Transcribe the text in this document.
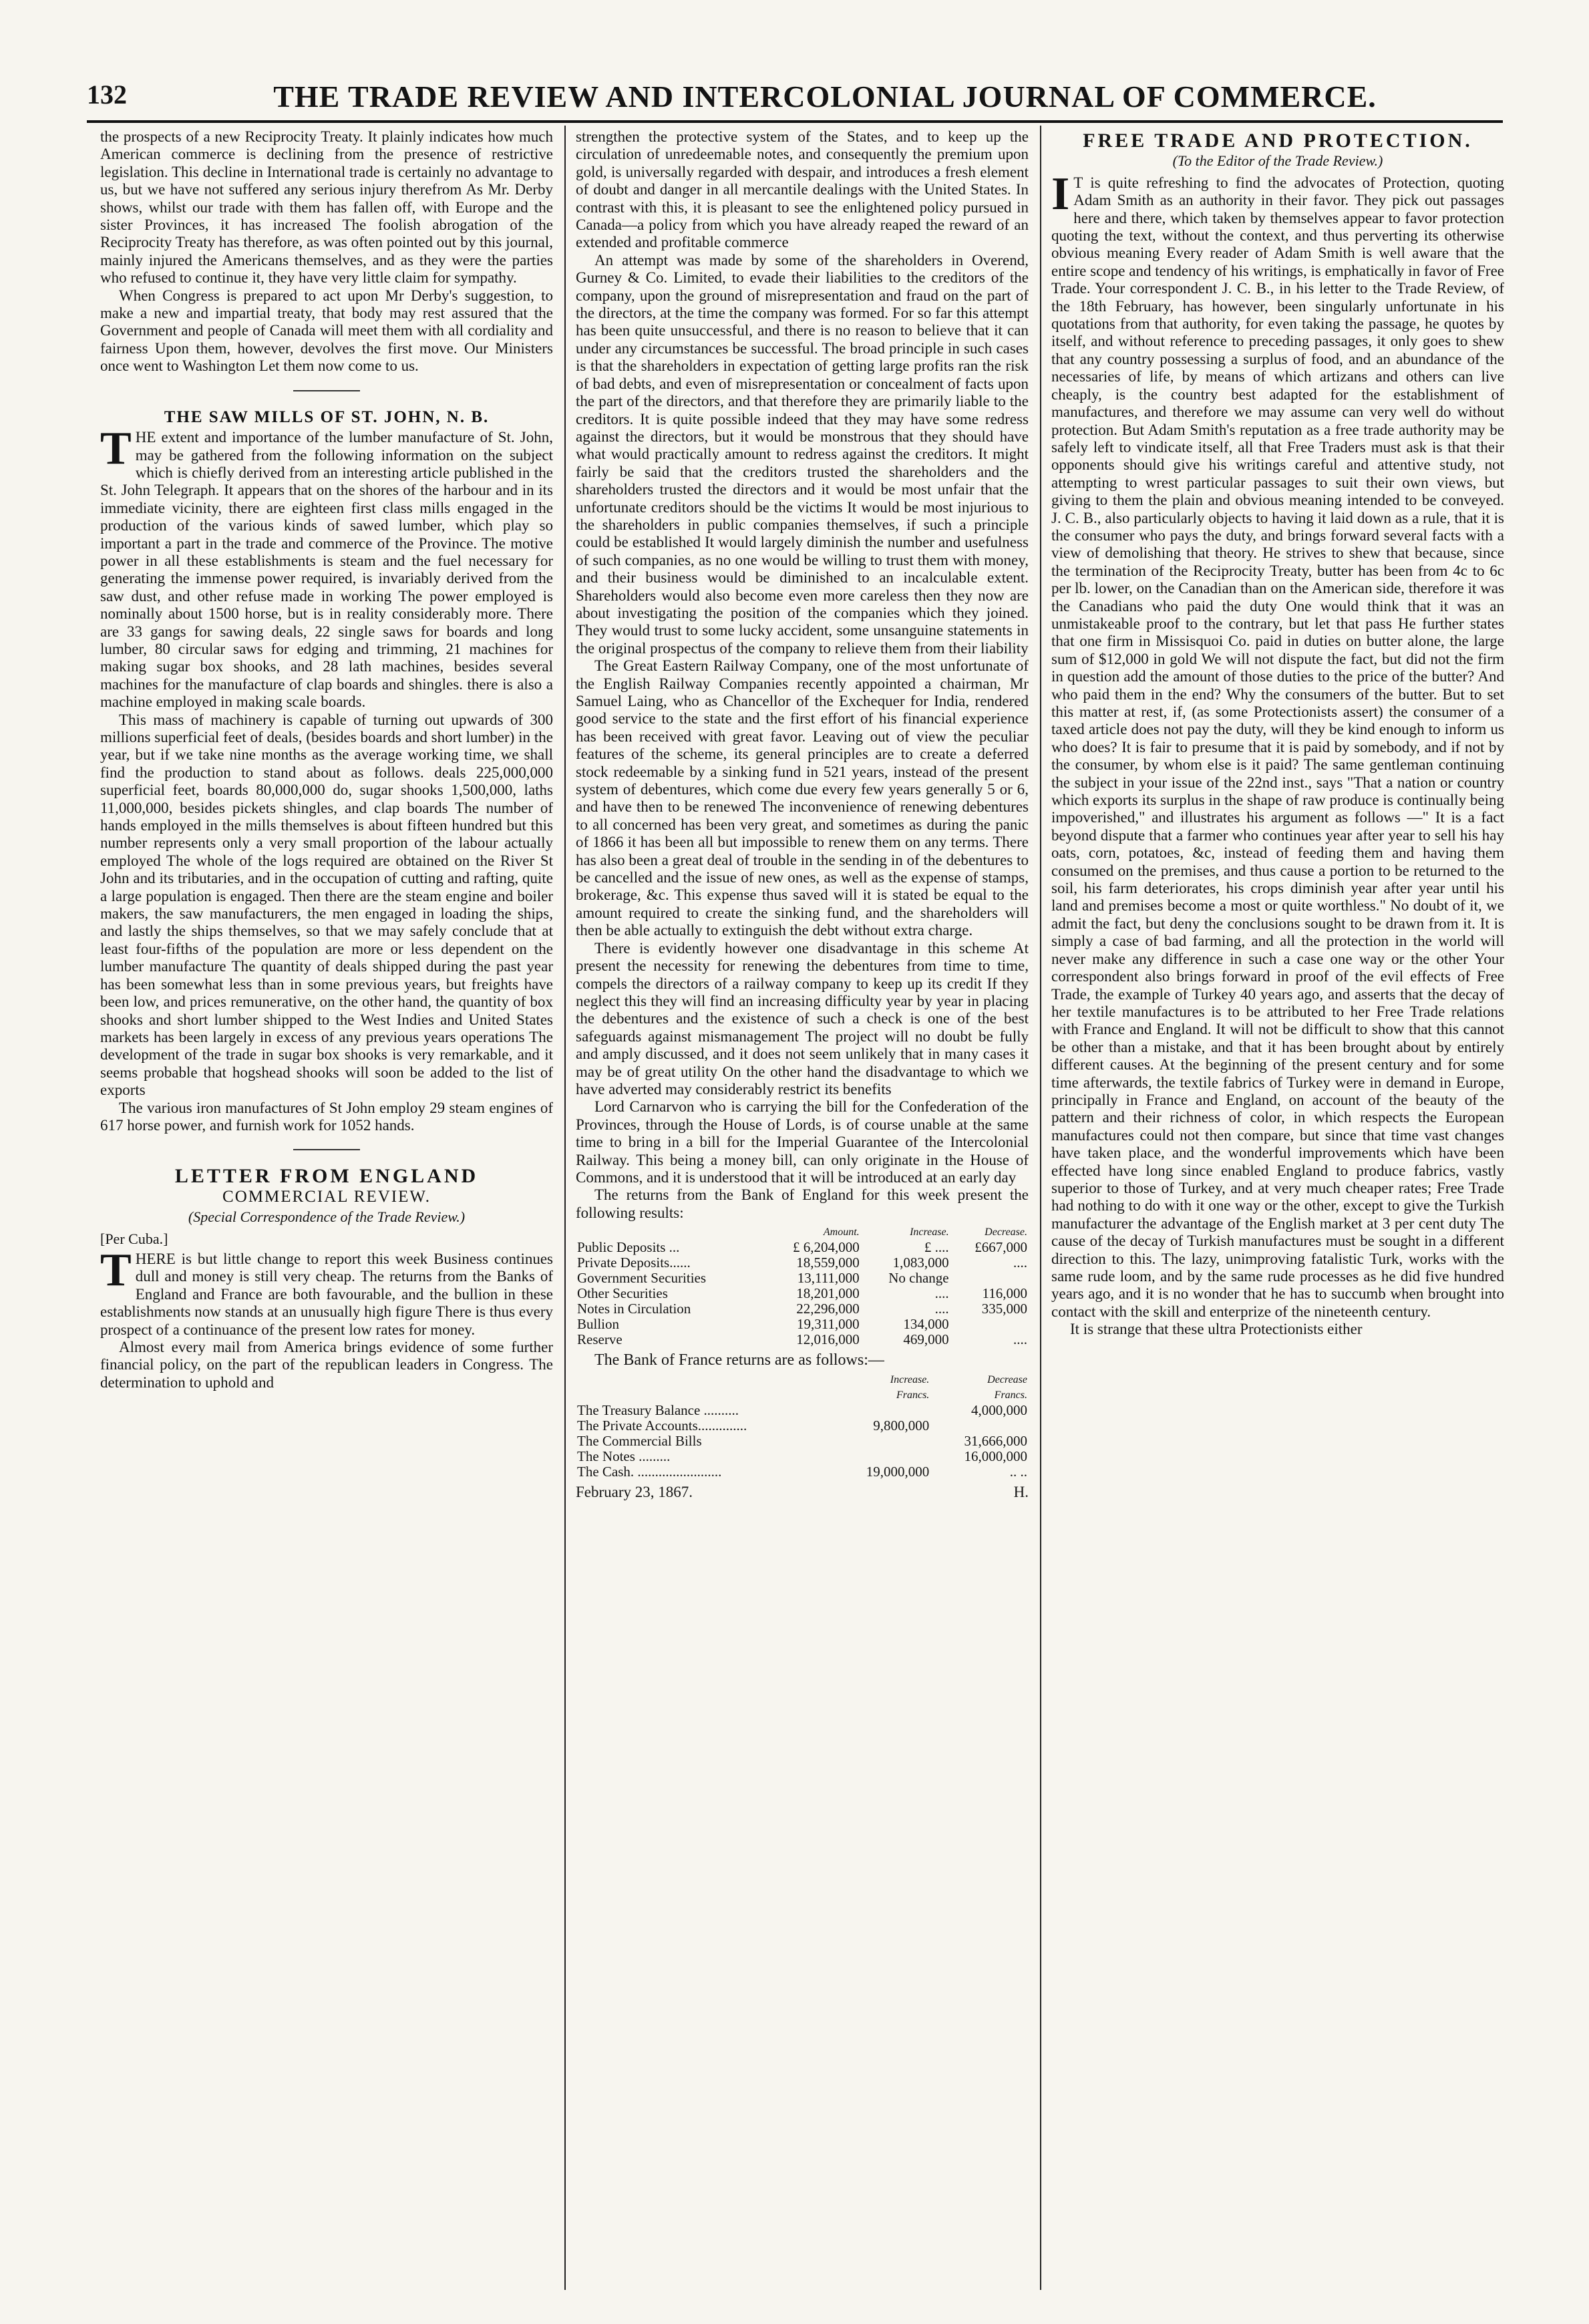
132	THE TRADE REVIEW AND INTERCOLONIAL JOURNAL OF COMMERCE.

the prospects of a new Reciprocity Treaty. It plainly indicates how much American commerce is declining from the presence of restrictive legislation. This decline in International trade is certainly no advantage to us, but we have not suffered any serious injury therefrom As Mr. Derby shows, whilst our trade with them has fallen off, with Europe and the sister Provinces, it has increased The foolish abrogation of the Reciprocity Treaty has therefore, as was often pointed out by this journal, mainly injured the Americans themselves, and as they were the parties who refused to continue it, they have very little claim for sympathy.

When Congress is prepared to act upon Mr Derby's suggestion, to make a new and impartial treaty, that body may rest assured that the Government and people of Canada will meet them with all cordiality and fairness Upon them, however, devolves the first move. Our Ministers once went to Washington Let them now come to us.

THE SAW MILLS OF ST. JOHN, N. B.

THE extent and importance of the lumber manufacture of St. John, may be gathered from the following information on the subject which is chiefly derived from an interesting article published in the St. John Telegraph. It appears that on the shores of the harbour and in its immediate vicinity, there are eighteen first class mills engaged in the production of the various kinds of sawed lumber, which play so important a part in the trade and commerce of the Province. The motive power in all these establishments is steam and the fuel necessary for generating the immense power required, is invariably derived from the saw dust, and other refuse made in working The power employed is nominally about 1500 horse, but is in reality considerably more. There are 33 gangs for sawing deals, 22 single saws for boards and long lumber, 80 circular saws for edging and trimming, 21 machines for making sugar box shooks, and 28 lath machines, besides several machines for the manufacture of clap boards and shingles. there is also a machine employed in making scale boards.

This mass of machinery is capable of turning out upwards of 300 millions superficial feet of deals, (besides boards and short lumber) in the year, but if we take nine months as the average working time, we shall find the production to stand about as follows. deals 225,000,000 superficial feet, boards 80,000,000 do, sugar shooks 1,500,000, laths 11,000,000, besides pickets shingles, and clap boards The number of hands employed in the mills themselves is about fifteen hundred but this number represents only a very small proportion of the labour actually employed The whole of the logs required are obtained on the River St John and its tributaries, and in the occupation of cutting and rafting, quite a large population is engaged. Then there are the steam engine and boiler makers, the saw manufacturers, the men engaged in loading the ships, and lastly the ships themselves, so that we may safely conclude that at least four-fifths of the population are more or less dependent on the lumber manufacture The quantity of deals shipped during the past year has been somewhat less than in some previous years, but freights have been low, and prices remunerative, on the other hand, the quantity of box shooks and short lumber shipped to the West Indies and United States markets has been largely in excess of any previous years operations The development of the trade in sugar box shooks is very remarkable, and it seems probable that hogshead shooks will soon be added to the list of exports

The various iron manufactures of St John employ 29 steam engines of 617 horse power, and furnish work for 1052 hands.

LETTER FROM ENGLAND
COMMERCIAL REVIEW.
(Special Correspondence of the Trade Review.)

[Per Cuba.]

THERE is but little change to report this week Business continues dull and money is still very cheap. The returns from the Banks of England and France are both favourable, and the bullion in these establishments now stands at an unusually high figure There is thus every prospect of a continuance of the present low rates for money.

Almost every mail from America brings evidence of some further financial policy, on the part of the republican leaders in Congress. The determination to uphold and

strengthen the protective system of the States, and to keep up the circulation of unredeemable notes, and consequently the premium upon gold, is universally regarded with despair, and introduces a fresh element of doubt and danger in all mercantile dealings with the United States. In contrast with this, it is pleasant to see the enlightened policy pursued in Canada—a policy from which you have already reaped the reward of an extended and profitable commerce

An attempt was made by some of the shareholders in Overend, Gurney & Co. Limited, to evade their liabilities to the creditors of the company, upon the ground of misrepresentation and fraud on the part of the directors, at the time the company was formed. For so far this attempt has been quite unsuccessful, and there is no reason to believe that it can under any circumstances be successful. The broad principle in such cases is that the shareholders in expectation of getting large profits ran the risk of bad debts, and even of misrepresentation or concealment of facts upon the part of the directors, and that therefore they are primarily liable to the creditors. It is quite possible indeed that they may have some redress against the directors, but it would be monstrous that they should have what would practically amount to redress against the creditors. It might fairly be said that the creditors trusted the shareholders and the shareholders trusted the directors and it would be most unfair that the unfortunate creditors should be the victims It would be most injurious to the shareholders in public companies themselves, if such a principle could be established It would largely diminish the number and usefulness of such companies, as no one would be willing to trust them with money, and their business would be diminished to an incalculable extent. Shareholders would also become even more careless then they now are about investigating the position of the companies which they joined. They would trust to some lucky accident, some unsanguine statements in the original prospectus of the company to relieve them from their liability

The Great Eastern Railway Company, one of the most unfortunate of the English Railway Companies recently appointed a chairman, Mr Samuel Laing, who as Chancellor of the Exchequer for India, rendered good service to the state and the first effort of his financial experience has been received with great favor. Leaving out of view the peculiar features of the scheme, its general principles are to create a deferred stock redeemable by a sinking fund in 521 years, instead of the present system of debentures, which come due every few years generally 5 or 6, and have then to be renewed The inconvenience of renewing debentures to all concerned has been very great, and sometimes as during the panic of 1866 it has been all but impossible to renew them on any terms. There has also been a great deal of trouble in the sending in of the debentures to be cancelled and the issue of new ones, as well as the expense of stamps, brokerage, &c. This expense thus saved will it is stated be equal to the amount required to create the sinking fund, and the shareholders will then be able actually to extinguish the debt without extra charge.

There is evidently however one disadvantage in this scheme At present the necessity for renewing the debentures from time to time, compels the directors of a railway company to keep up its credit If they neglect this they will find an increasing difficulty year by year in placing the debentures and the existence of such a check is one of the best safeguards against mismanagement The project will no doubt be fully and amply discussed, and it does not seem unlikely that in many cases it may be of great utility On the other hand the disadvantage to which we have adverted may considerably restrict its benefits

Lord Carnarvon who is carrying the bill for the Confederation of the Provinces, through the House of Lords, is of course unable at the same time to bring in a bill for the Imperial Guarantee of the Intercolonial Railway. This being a money bill, can only originate in the House of Commons, and it is understood that it will be introduced at an early day

The returns from the Bank of England for this week present the following results:

	Amount.	Increase.	Decrease.
Public Deposits ...	£ 6,204,000	£ ....	£667,000
Private Deposits......	18,559,000	1,083,000	....
Government Securities	13,111,000	No change	
Other Securities	18,201,000	....	116,000
Notes in Circulation	22,296,000	....	335,000
Bullion	19,311,000	134,000	
Reserve	12,016,000	469,000	....
The Bank of France returns are as follows:—
	Increase.	Decrease
	Francs.	Francs.
The Treasury Balance ..........		4,000,000
The Private Accounts..............	9,800,000	
The Commercial Bills		31,666,000
The Notes .........		16,000,000
The Cash. ........................	19,000,000	.. ..
February 23, 1867.	H.
FREE TRADE AND PROTECTION.
(To the Editor of the Trade Review.)

I T is quite refreshing to find the advocates of Protection, quoting Adam Smith as an authority in their favor. They pick out passages here and there, which taken by themselves appear to favor protection quoting the text, without the context, and thus perverting its otherwise obvious meaning Every reader of Adam Smith is well aware that the entire scope and tendency of his writings, is emphatically in favor of Free Trade. Your correspondent J. C. B., in his letter to the Trade Review, of the 18th February, has however, been singularly unfortunate in his quotations from that authority, for even taking the passage, he quotes by itself, and without reference to preceding passages, it only goes to shew that any country possessing a surplus of food, and an abundance of the necessaries of life, by means of which artizans and others can live cheaply, is the country best adapted for the establishment of manufactures, and therefore we may assume can very well do without protection. But Adam Smith's reputation as a free trade authority may be safely left to vindicate itself, all that Free Traders must ask is that their opponents should give his writings careful and attentive study, not attempting to wrest particular passages to suit their own views, but giving to them the plain and obvious meaning intended to be conveyed. J. C. B., also particularly objects to having it laid down as a rule, that it is the consumer who pays the duty, and brings forward several facts with a view of demolishing that theory. He strives to shew that because, since the termination of the Reciprocity Treaty, butter has been from 4c to 6c per lb. lower, on the Canadian than on the American side, therefore it was the Canadians who paid the duty One would think that it was an unmistakeable proof to the contrary, but let that pass He further states that one firm in Missisquoi Co. paid in duties on butter alone, the large sum of $12,000 in gold We will not dispute the fact, but did not the firm in question add the amount of those duties to the price of the butter? And who paid them in the end? Why the consumers of the butter. But to set this matter at rest, if, (as some Protectionists assert) the consumer of a taxed article does not pay the duty, will they be kind enough to inform us who does? It is fair to presume that it is paid by somebody, and if not by the consumer, by whom else is it paid? The same gentleman continuing the subject in your issue of the 22nd inst., says "That a nation or country which exports its surplus in the shape of raw produce is continually being impoverished," and illustrates his argument as follows —" It is a fact beyond dispute that a farmer who continues year after year to sell his hay oats, corn, potatoes, &c, instead of feeding them and having them consumed on the premises, and thus cause a portion to be returned to the soil, his farm deteriorates, his crops diminish year after year until his land and premises become a most or quite worthless." No doubt of it, we admit the fact, but deny the conclusions sought to be drawn from it. It is simply a case of bad farming, and all the protection in the world will never make any difference in such a case one way or the other Your correspondent also brings forward in proof of the evil effects of Free Trade, the example of Turkey 40 years ago, and asserts that the decay of her textile manufactures is to be attributed to her Free Trade relations with France and England. It will not be difficult to show that this cannot be other than a mistake, and that it has been brought about by entirely different causes. At the beginning of the present century and for some time afterwards, the textile fabrics of Turkey were in demand in Europe, principally in France and England, on account of the beauty of the pattern and their richness of color, in which respects the European manufactures could not then compare, but since that time vast changes have taken place, and the wonderful improvements which have been effected have long since enabled England to produce fabrics, vastly superior to those of Turkey, and at very much cheaper rates; Free Trade had nothing to do with it one way or the other, except to give the Turkish manufacturer the advantage of the English market at 3 per cent duty The cause of the decay of Turkish manufactures must be sought in a different direction to this. The lazy, unimproving fatalistic Turk, works with the same rude loom, and by the same rude processes as he did five hundred years ago, and it is no wonder that he has to succumb when brought into contact with the skill and enterprize of the nineteenth century.

It is strange that these ultra Protectionists either
